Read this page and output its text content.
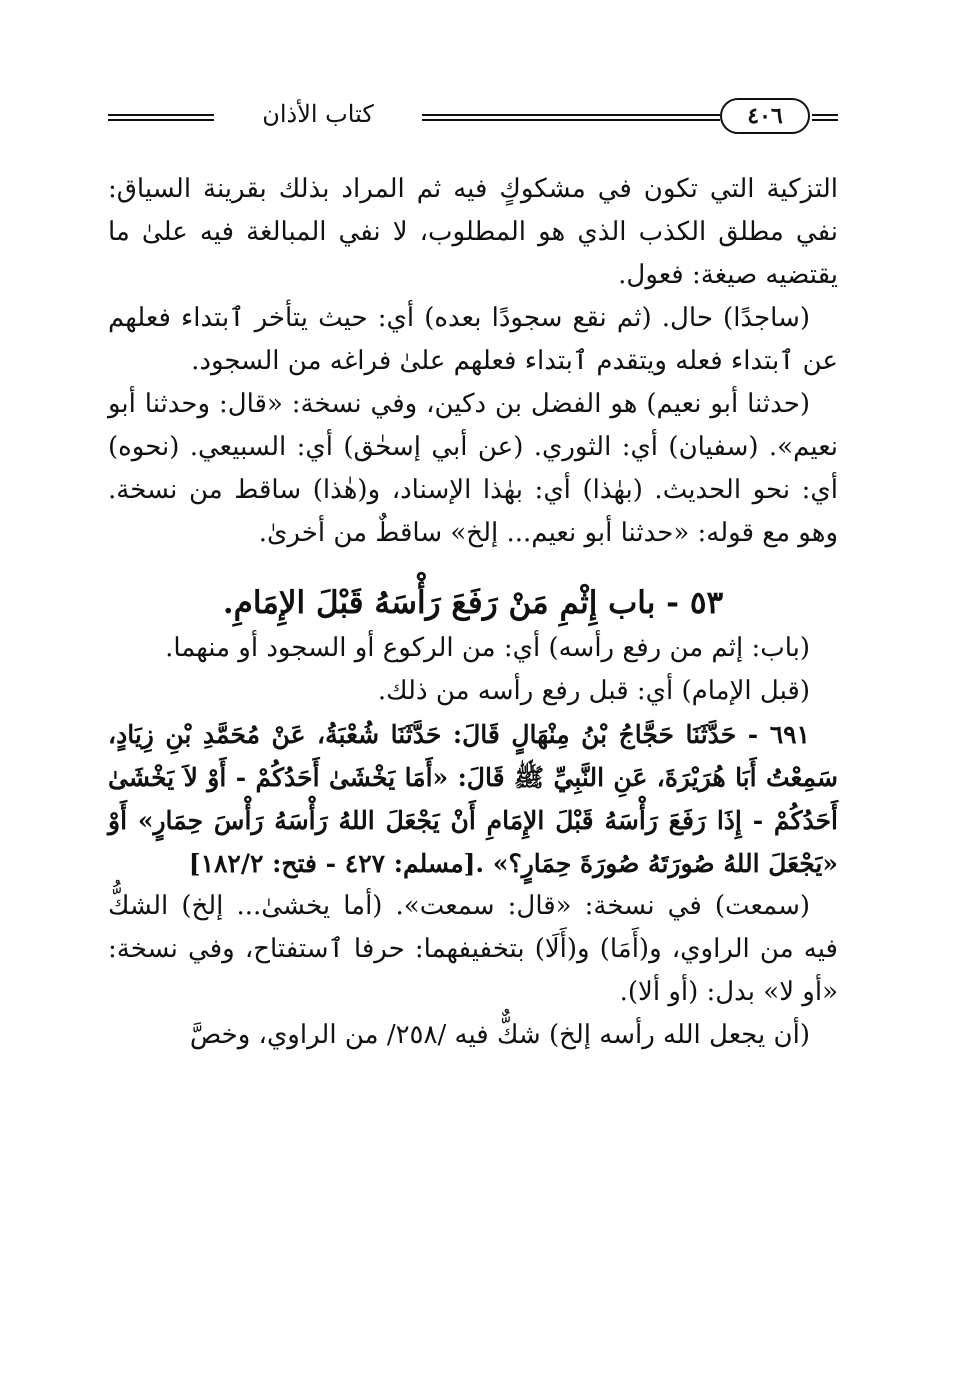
٤٠٦
كتاب الأذان

التزكية التي تكون في مشكوكٍ فيه ثم المراد بذلك بقرينة السياق: نفي مطلق الكذب الذي هو المطلوب، لا نفي المبالغة فيه علىٰ ما يقتضيه صيغة: فعول.

(ساجدًا) حال. (ثم نقع سجودًا بعده) أي: حيث يتأخر ٱبتداء فعلهم عن ٱبتداء فعله ويتقدم ٱبتداء فعلهم علىٰ فراغه من السجود.

(حدثنا أبو نعيم) هو الفضل بن دكين، وفي نسخة: «قال: وحدثنا أبو نعيم». (سفيان) أي: الثوري. (عن أبي إسحٰق) أي: السبيعي. (نحوه) أي: نحو الحديث. (بهٰذا) أي: بهٰذا الإسناد، و(هٰذا) ساقط من نسخة. وهو مع قوله: «حدثنا أبو نعيم... إلخ» ساقطٌ من أخرىٰ.

٥٣ - باب إِثْمِ مَنْ رَفَعَ رَأْسَهُ قَبْلَ الإِمَامِ.

(باب: إثم من رفع رأسه) أي: من الركوع أو السجود أو منهما.

(قبل الإمام) أي: قبل رفع رأسه من ذلك.

٦٩١ - حَدَّثَنَا حَجَّاجُ بْنُ مِنْهَالٍ قَالَ: حَدَّثَنَا شُعْبَةُ، عَنْ مُحَمَّدِ بْنِ زِيَادٍ، سَمِعْتُ أَبَا هُرَيْرَةَ، عَنِ النَّبِيِّ ﷺ قَالَ: «أَمَا يَخْشَىٰ أَحَدُكُمْ - أَوْ لاَ يَخْشَىٰ أَحَدُكُمْ - إِذَا رَفَعَ رَأْسَهُ قَبْلَ الإِمَامِ أَنْ يَجْعَلَ اللهُ رَأْسَهُ رَأْسَ حِمَارٍ» أَوْ «يَجْعَلَ اللهُ صُورَتَهُ صُورَةَ حِمَارٍ؟» .[مسلم: ٤٢٧ - فتح: ١٨٢/٢]

(سمعت) في نسخة: «قال: سمعت». (أما يخشىٰ... إلخ) الشكُّ فيه من الراوي، و(أَمَا) و(أَلَا) بتخفيفهما: حرفا ٱستفتاح، وفي نسخة: «أو لا» بدل: (أو ألا).

(أن يجعل الله رأسه إلخ) شكٌّ فيه /٢٥٨/ من الراوي، وخصَّ
